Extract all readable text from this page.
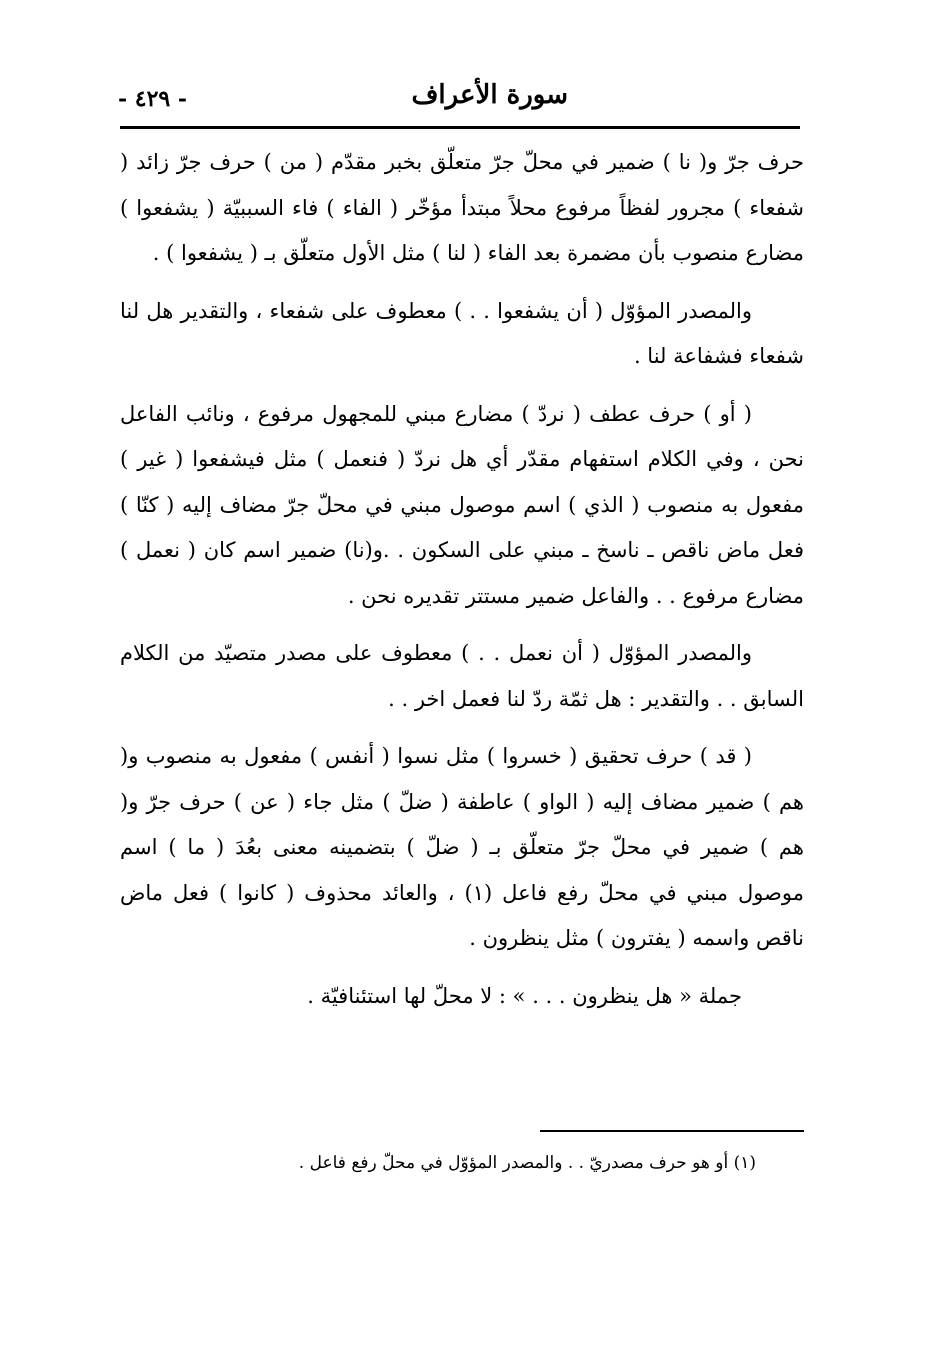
سورة الأعراف
- ٤٢٩ -

حرف جرّ و( نا ) ضمير في محلّ جرّ متعلّق بخبر مقدّم ( من ) حرف جرّ زائد ( شفعاء ) مجرور لفظاً مرفوع محلاً مبتدأ مؤخّر ( الفاء ) فاء السببيّة ( يشفعوا ) مضارع منصوب بأن مضمرة بعد الفاء ( لنا ) مثل الأول متعلّق بـ ( يشفعوا ) .

والمصدر المؤوّل ( أن يشفعوا . . ) معطوف على شفعاء ، والتقدير هل لنا شفعاء فشفاعة لنا .

( أو ) حرف عطف ( نردّ ) مضارع مبني للمجهول مرفوع ، ونائب الفاعل نحن ، وفي الكلام استفهام مقدّر أي هل نردّ ( فنعمل ) مثل فيشفعوا ( غير ) مفعول به منصوب ( الذي ) اسم موصول مبني في محلّ جرّ مضاف إليه ( كنّا ) فعل ماض ناقص ـ ناسخ ـ مبني على السكون . .و(نا) ضمير اسم كان ( نعمل ) مضارع مرفوع . . والفاعل ضمير مستتر تقديره نحن .

والمصدر المؤوّل ( أن نعمل . . ) معطوف على مصدر متصيّد من الكلام السابق . . والتقدير : هل ثمّة ردّ لنا فعمل اخر . .

( قد ) حرف تحقيق ( خسروا ) مثل نسوا ( أنفس ) مفعول به منصوب و( هم ) ضمير مضاف إليه ( الواو ) عاطفة ( ضلّ ) مثل جاء ( عن ) حرف جرّ و( هم ) ضمير في محلّ جرّ متعلّق بـ ( ضلّ ) بتضمينه معنى بعُدَ ( ما ) اسم موصول مبني في محلّ رفع فاعل (١) ، والعائد محذوف ( كانوا ) فعل ماض ناقص واسمه ( يفترون ) مثل ينظرون .

جملة « هل ينظرون . . . » : لا محلّ لها استئنافيّة .

(١) أو هو حرف مصدريّ . . والمصدر المؤوّل في محلّ رفع فاعل .
